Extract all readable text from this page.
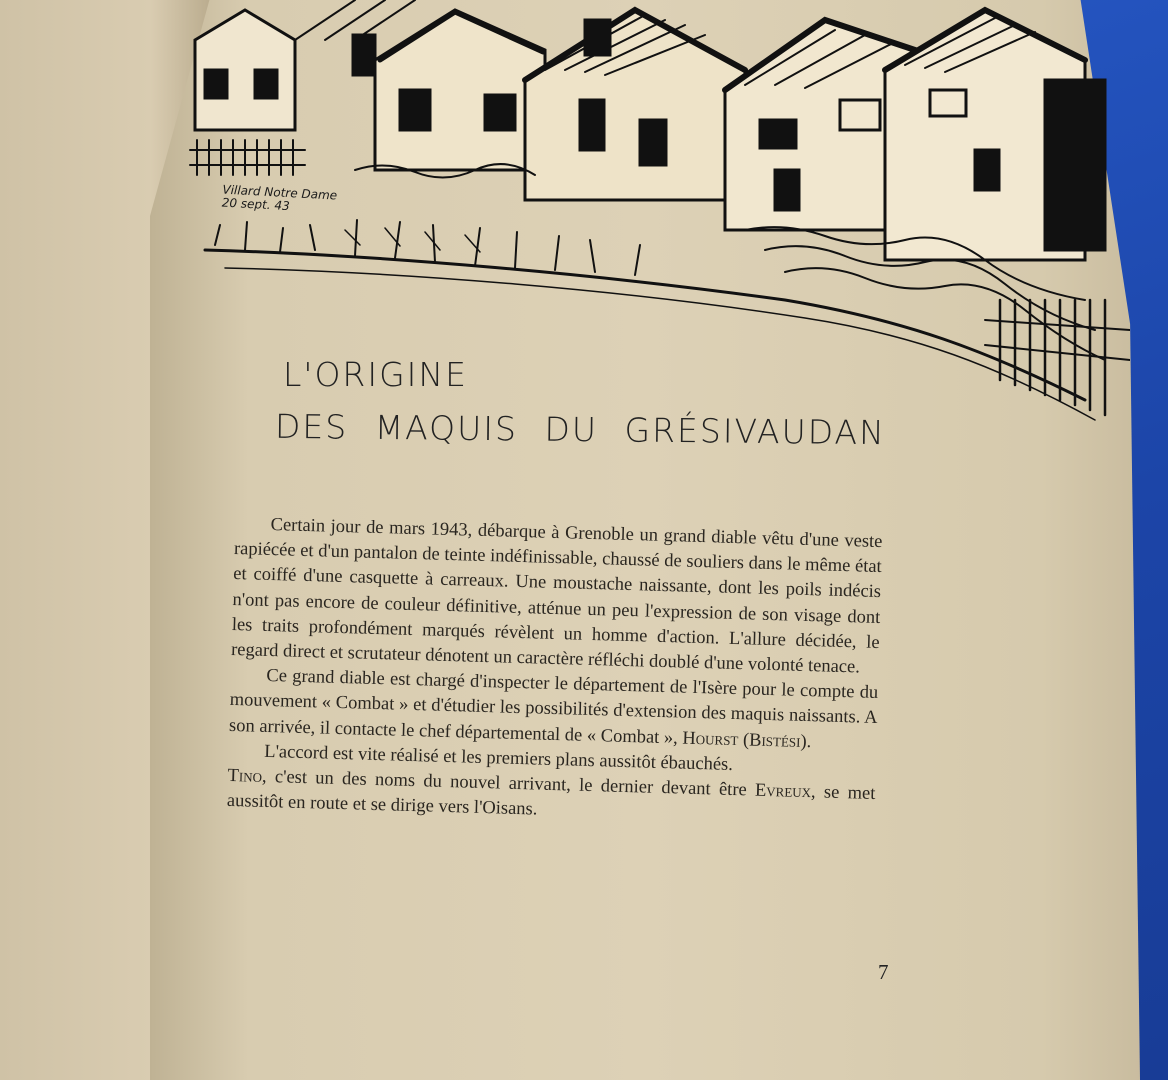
Villard Notre Dame
20 sept. 43
L'ORIGINE
DES MAQUIS DU GRÉSIVAUDAN

Certain jour de mars 1943, débarque à Grenoble un grand diable vêtu d'une veste rapiécée et d'un pantalon de teinte indéfinissable, chaussé de souliers dans le même état et coiffé d'une casquette à carreaux. Une moustache naissante, dont les poils indécis n'ont pas encore de couleur définitive, atténue un peu l'expression de son visage dont les traits profondément marqués révèlent un homme d'action. L'allure décidée, le regard direct et scrutateur dénotent un caractère réfléchi doublé d'une volonté tenace.

Ce grand diable est chargé d'inspecter le département de l'Isère pour le compte du mouvement « Combat » et d'étudier les possibilités d'extension des maquis naissants. A son arrivée, il contacte le chef départemental de « Combat », Hourst (Bistési).

L'accord est vite réalisé et les premiers plans aussitôt ébauchés.

Tino, c'est un des noms du nouvel arrivant, le dernier devant être Evreux, se met aussitôt en route et se dirige vers l'Oisans.

7
